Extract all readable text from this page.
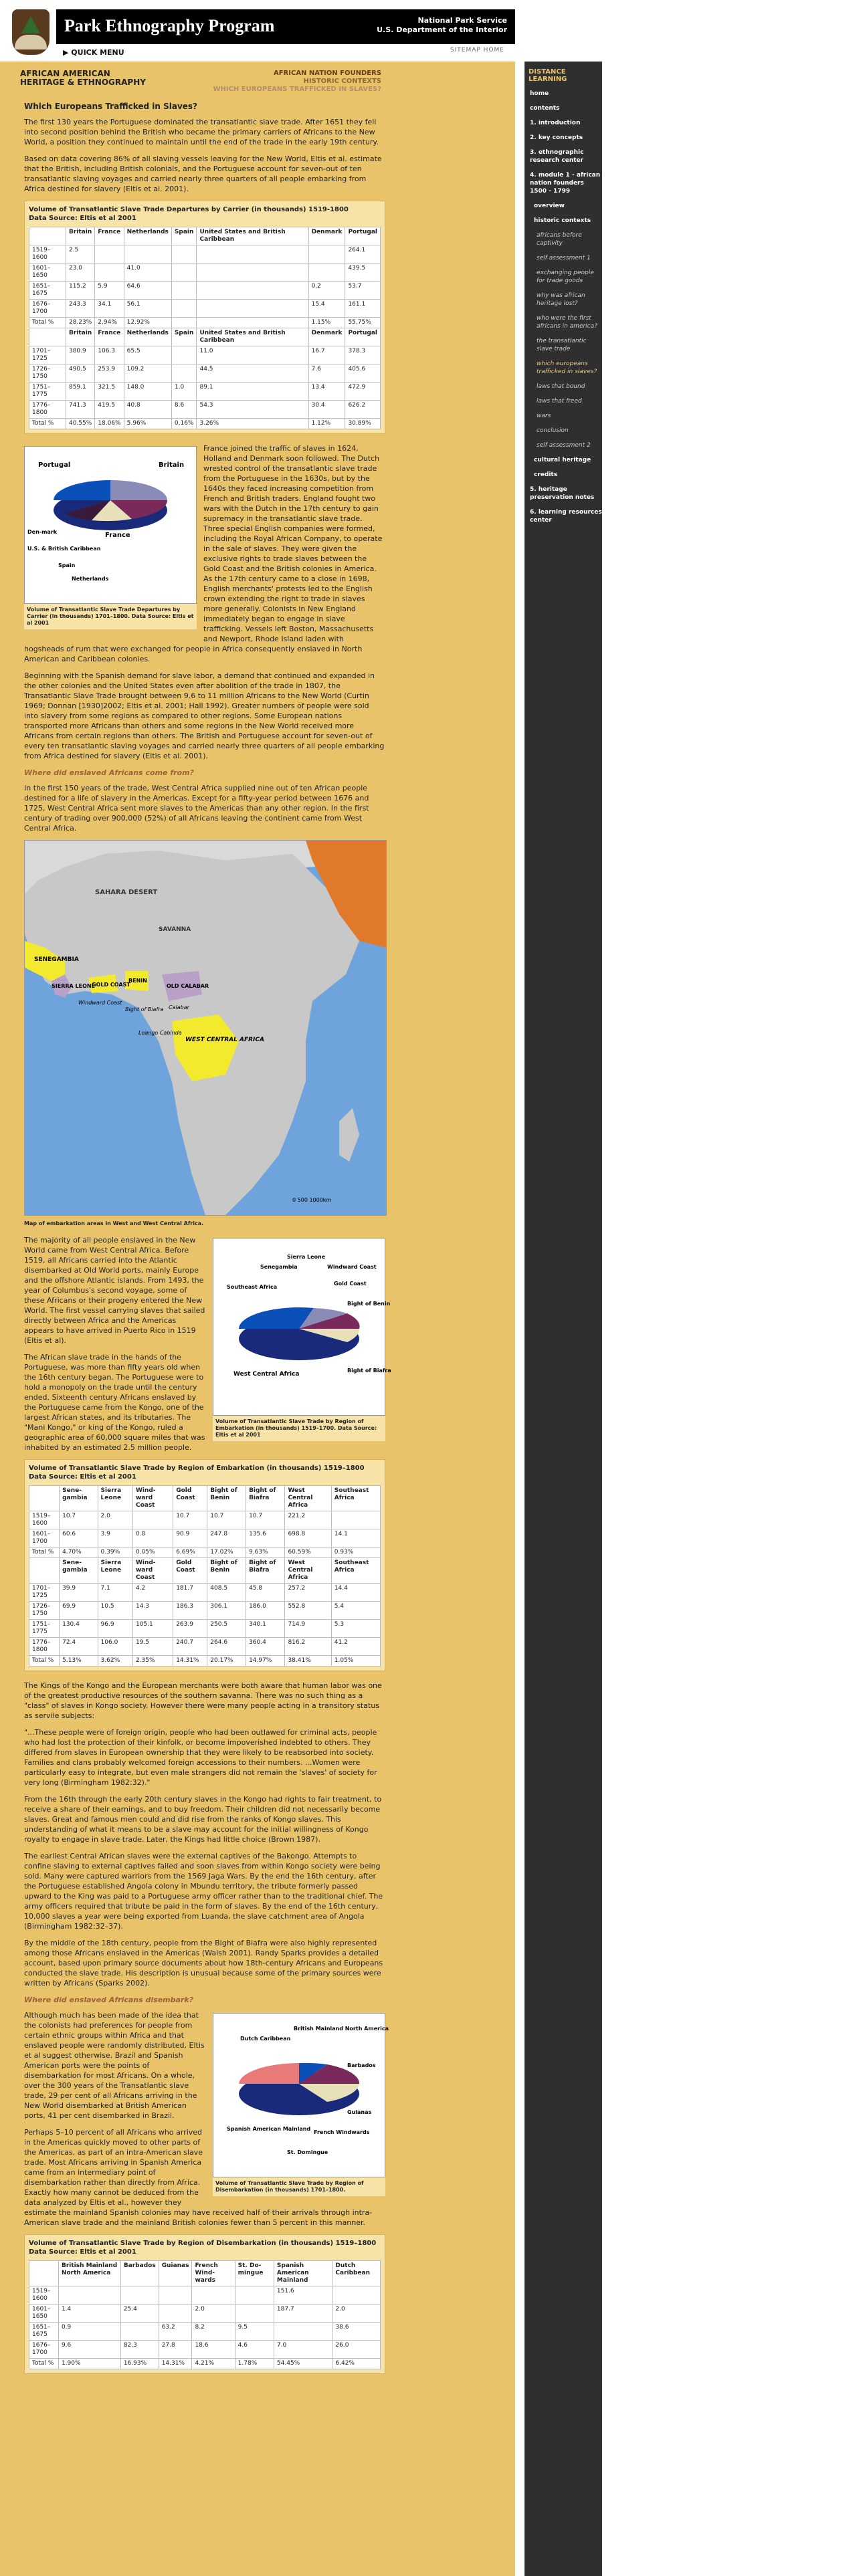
Park Ethnography Program	National Park Service
U.S. Department of the Interior
▶ QUICK MENU	SITEMAP HOME
AFRICAN AMERICAN
HERITAGE & ETHNOGRAPHY
AFRICAN NATION FOUNDERS
HISTORIC CONTEXTS
WHICH EUROPEANS TRAFFICKED IN SLAVES?
Which Europeans Trafficked in Slaves?

The first 130 years the Portuguese dominated the transatlantic slave trade. After 1651 they fell into second position behind the British who became the primary carriers of Africans to the New World, a position they continued to maintain until the end of the trade in the early 19th century.

Based on data covering 86% of all slaving vessels leaving for the New World, Eltis et al. estimate that the British, including British colonials, and the Portuguese account for seven-out of ten transatlantic slaving voyages and carried nearly three quarters of all people embarking from Africa destined for slavery (Eltis et al. 2001).

Volume of Transatlantic Slave Trade Departures by Carrier (in thousands) 1519-1800
Data Source: Eltis et al 2001
	Britain	France	Netherlands	Spain	United States and British Caribbean	Denmark	Portugal
1519–1600	2.5						264.1
1601–1650	23.0		41.0				439.5
1651–1675	115.2	5.9	64.6			0.2	53.7
1676–1700	243.3	34.1	56.1			15.4	161.1
Total %	28.23%	2.94%	12.92%			1.15%	55.75%
	Britain	France	Netherlands	Spain	United States and British Caribbean	Denmark	Portugal
1701–1725	380.9	106.3	65.5		11.0	16.7	378.3
1726–1750	490.5	253.9	109.2		44.5	7.6	405.6
1751–1775	859.1	321.5	148.0	1.0	89.1	13.4	472.9
1776–1800	741.3	419.5	40.8	8.6	54.3	30.4	626.2
Total %	40.55%	18.06%	5.96%	0.16%	3.26%	1.12%	30.89%
Portugal	Britain
France
Den-mark
U.S. & British Caribbean
Spain
Netherlands
Volume of Transatlantic Slave Trade Departures by Carrier (in thousands) 1701–1800. Data Source: Eltis et al 2001

France joined the traffic of slaves in 1624, Holland and Denmark soon followed. The Dutch wrested control of the transatlantic slave trade from the Portuguese in the 1630s, but by the 1640s they faced increasing competition from French and British traders. England fought two wars with the Dutch in the 17th century to gain supremacy in the transatlantic slave trade. Three special English companies were formed, including the Royal African Company, to operate in the sale of slaves. They were given the exclusive rights to trade slaves between the Gold Coast and the British colonies in America. As the 17th century came to a close in 1698, English merchants' protests led to the English crown extending the right to trade in slaves more generally. Colonists in New England immediately began to engage in slave trafficking. Vessels left Boston, Massachusetts and Newport, Rhode Island laden with hogsheads of rum that were exchanged for people in Africa consequently enslaved in North American and Caribbean colonies.

Beginning with the Spanish demand for slave labor, a demand that continued and expanded in the other colonies and the United States even after abolition of the trade in 1807, the Transatlantic Slave Trade brought between 9.6 to 11 million Africans to the New World (Curtin 1969; Donnan [1930]2002; Eltis et al. 2001; Hall 1992). Greater numbers of people were sold into slavery from some regions as compared to other regions. Some European nations transported more Africans than others and some regions in the New World received more Africans from certain regions than others. The British and Portuguese account for seven-out of every ten transatlantic slaving voyages and carried nearly three quarters of all people embarking from Africa destined for slavery (Eltis et al. 2001).

Where did enslaved Africans come from?

In the first 150 years of the trade, West Central Africa supplied nine out of ten African people destined for a life of slavery in the Americas. Except for a fifty-year period between 1676 and 1725, West Central Africa sent more slaves to the Americas than any other region. In the first century of trading over 900,000 (52%) of all Africans leaving the continent came from West Central Africa.

SAHARA DESERT
SAVANNA
SENEGAMBIA
SIERRA LEONE
GOLD COAST
BENIN
OLD CALABAR
Windward Coast
Bight of Biafra Calabar
Loango Cabinda
WEST CENTRAL AFRICA
0 500 1000km
Map of embarkation areas in West and West Central Africa.
Sierra Leone
Senegambia	Windward Coast
Southeast Africa
Gold Coast
Bight of Benin
Bight of Biafra
West Central Africa
Volume of Transatlantic Slave Trade by Region of Embarkation (in thousands) 1519–1700. Data Source: Eltis et al 2001

The majority of all people enslaved in the New World came from West Central Africa. Before 1519, all Africans carried into the Atlantic disembarked at Old World ports, mainly Europe and the offshore Atlantic islands. From 1493, the year of Columbus's second voyage, some of these Africans or their progeny entered the New World. The first vessel carrying slaves that sailed directly between Africa and the Americas appears to have arrived in Puerto Rico in 1519 (Eltis et al).

The African slave trade in the hands of the Portuguese, was more than fifty years old when the 16th century began. The Portuguese were to hold a monopoly on the trade until the century ended. Sixteenth century Africans enslaved by the Portuguese came from the Kongo, one of the largest African states, and its tributaries. The "Mani Kongo," or king of the Kongo, ruled a geographic area of 60,000 square miles that was inhabited by an estimated 2.5 million people.

Volume of Transatlantic Slave Trade by Region of Embarkation (in thousands) 1519–1800
Data Source: Eltis et al 2001
	Sene-gambia	Sierra Leone	Wind-ward Coast	Gold Coast	Bight of Benin	Bight of Biafra	West Central Africa	Southeast Africa
1519–1600	10.7	2.0		10.7	10.7	10.7	221.2	
1601–1700	60.6	3.9	0.8	90.9	247.8	135.6	698.8	14.1
Total %	4.70%	0.39%	0.05%	6.69%	17.02%	9.63%	60.59%	0.93%
	Sene-gambia	Sierra Leone	Wind-ward Coast	Gold Coast	Bight of Benin	Bight of Biafra	West Central Africa	Southeast Africa
1701–1725	39.9	7.1	4.2	181.7	408.5	45.8	257.2	14.4
1726–1750	69.9	10.5	14.3	186.3	306.1	186.0	552.8	5.4
1751–1775	130.4	96.9	105.1	263.9	250.5	340.1	714.9	5.3
1776–1800	72.4	106.0	19.5	240.7	264.6	360.4	816.2	41.2
Total %	5.13%	3.62%	2.35%	14.31%	20.17%	14.97%	38.41%	1.05%

The Kings of the Kongo and the European merchants were both aware that human labor was one of the greatest productive resources of the southern savanna. There was no such thing as a "class" of slaves in Kongo society. However there were many people acting in a transitory status as servile subjects:

"...These people were of foreign origin, people who had been outlawed for criminal acts, people who had lost the protection of their kinfolk, or become impoverished indebted to others. They differed from slaves in European ownership that they were likely to be reabsorbed into society. Families and clans probably welcomed foreign accessions to their numbers. ...Women were particularly easy to integrate, but even male strangers did not remain the 'slaves' of society for very long (Birmingham 1982:32)."

From the 16th through the early 20th century slaves in the Kongo had rights to fair treatment, to receive a share of their earnings, and to buy freedom. Their children did not necessarily become slaves. Great and famous men could and did rise from the ranks of Kongo slaves. This understanding of what it means to be a slave may account for the initial willingness of Kongo royalty to engage in slave trade. Later, the Kings had little choice (Brown 1987).

The earliest Central African slaves were the external captives of the Bakongo. Attempts to confine slaving to external captives failed and soon slaves from within Kongo society were being sold. Many were captured warriors from the 1569 Jaga Wars. By the end the 16th century, after the Portuguese established Angola colony in Mbundu territory, the tribute formerly passed upward to the King was paid to a Portuguese army officer rather than to the traditional chief. The army officers required that tribute be paid in the form of slaves. By the end of the 16th century, 10,000 slaves a year were being exported from Luanda, the slave catchment area of Angola (Birmingham 1982:32–37).

By the middle of the 18th century, people from the Bight of Biafra were also highly represented among those Africans enslaved in the Americas (Walsh 2001). Randy Sparks provides a detailed account, based upon primary source documents about how 18th-century Africans and Europeans conducted the slave trade. His description is unusual because some of the primary sources were written by Africans (Sparks 2002).

Where did enslaved Africans disembark?
Dutch Caribbean
British Mainland North America
Barbados
Guianas
French Windwards
St. Domingue
Spanish American Mainland
Volume of Transatlantic Slave Trade by Region of Disembarkation (in thousands) 1701–1800.

Although much has been made of the idea that the colonists had preferences for people from certain ethnic groups within Africa and that enslaved people were randomly distributed, Eltis et al suggest otherwise. Brazil and Spanish American ports were the points of disembarkation for most Africans. On a whole, over the 300 years of the Transatlantic slave trade, 29 per cent of all Africans arriving in the New World disembarked at British American ports, 41 per cent disembarked in Brazil.

Perhaps 5–10 percent of all Africans who arrived in the Americas quickly moved to other parts of the Americas, as part of an intra-American slave trade. Most Africans arriving in Spanish America came from an intermediary point of disembarkation rather than directly from Africa. Exactly how many cannot be deduced from the data analyzed by Eltis et al., however they estimate the mainland Spanish colonies may have received half of their arrivals through intra-American slave trade and the mainland British colonies fewer than 5 percent in this manner.

Volume of Transatlantic Slave Trade by Region of Disembarkation (in thousands) 1519–1800
Data Source: Eltis et al 2001
	British Mainland North America	Barbados	Guianas	French Wind-wards	St. Do-mingue	Spanish American Mainland	Dutch Caribbean
1519–1600						151.6	
1601–1650	1.4	25.4		2.0		187.7	2.0
1651–1675	0.9		63.2	8.2	9.5		38.6
1676–1700	9.6	82.3	27.8	18.6	4.6	7.0	26.0
Total %	1.90%	16.93%	14.31%	4.21%	1.78%	54.45%	6.42%
DISTANCE LEARNING
home
contents
1. introduction
2. key concepts
3. ethnographic research center
4. module 1 - african nation founders 1500 - 1799
overview
historic contexts
africans before captivity
self assessment 1
exchanging people for trade goods
why was african heritage lost?
who were the first africans in america?
the transatlantic slave trade
which europeans trafficked in slaves?
laws that bound
laws that freed
wars
conclusion
self assessment 2
cultural heritage
credits
5. heritage preservation notes
6. learning resources center
